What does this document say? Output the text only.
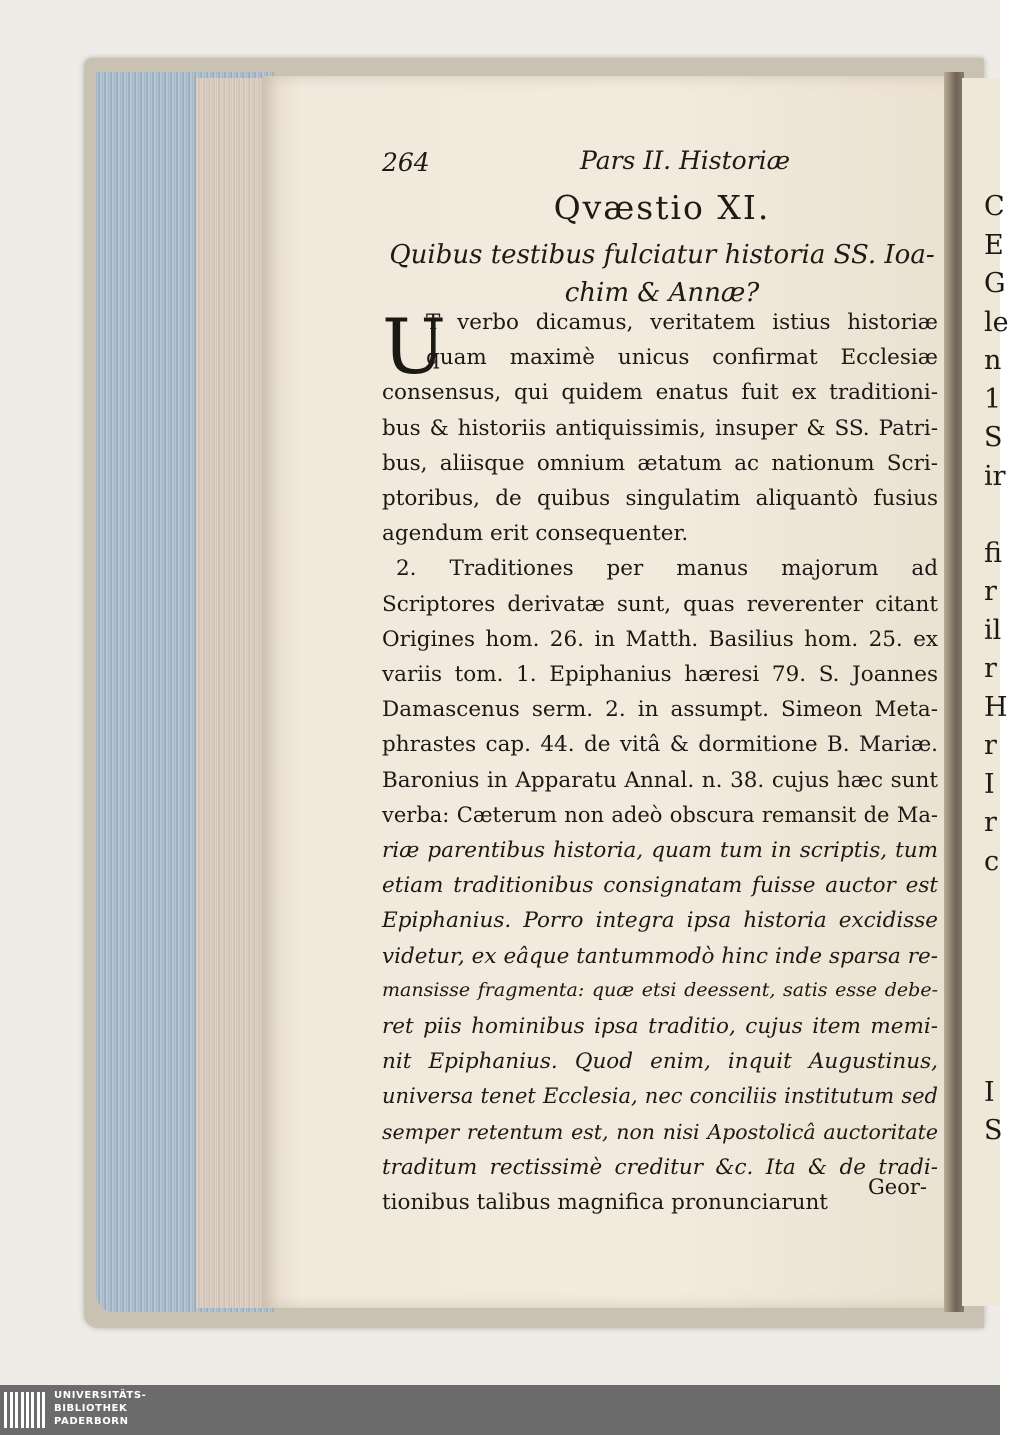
C
E
G
le
n
1
S
ir
fi
r
il
r
H
r
I
r
c
I
S
264	Pars II. Historiæ
Qvæstio XI.
Quibus testibus fulciatur historia SS. Ioa-
chim & Annæ?
U
T verbo dicamus, veritatem istius historiæ
quam maximè unicus confirmat Ecclesiæ
consensus, qui quidem enatus fuit ex traditioni-
bus & historiis antiquissimis, insuper & SS. Patri-
bus, aliisque omnium ætatum ac nationum Scri-
ptoribus, de quibus singulatim aliquantò fusius
agendum erit consequenter.
2. Traditiones per manus majorum ad
Scriptores derivatæ sunt, quas reverenter citant
Origines hom. 26. in Matth. Basilius hom. 25. ex
variis tom. 1. Epiphanius hæresi 79. S. Joannes
Damascenus serm. 2. in assumpt. Simeon Meta-
phrastes cap. 44. de vitâ & dormitione B. Mariæ.
Baronius in Apparatu Annal. n. 38. cujus hæc sunt
verba: Cæterum non adeò obscura remansit de Ma-
riæ parentibus historia, quam tum in scriptis, tum
etiam traditionibus consignatam fuisse auctor est
Epiphanius. Porro integra ipsa historia excidisse
videtur, ex eâque tantummodò hinc inde sparsa re-
mansisse fragmenta: quæ etsi deessent, satis esse debe-
ret piis hominibus ipsa traditio, cujus item memi-
nit Epiphanius. Quod enim, inquit Augustinus,
universa tenet Ecclesia, nec conciliis institutum sed
semper retentum est, non nisi Apostolicâ auctoritate
traditum rectissimè creditur &c. Ita & de tradi-
tionibus talibus magnifica pronunciarunt
Geor-
UNIVERSITÄTS-
BIBLIOTHEK
PADERBORN
